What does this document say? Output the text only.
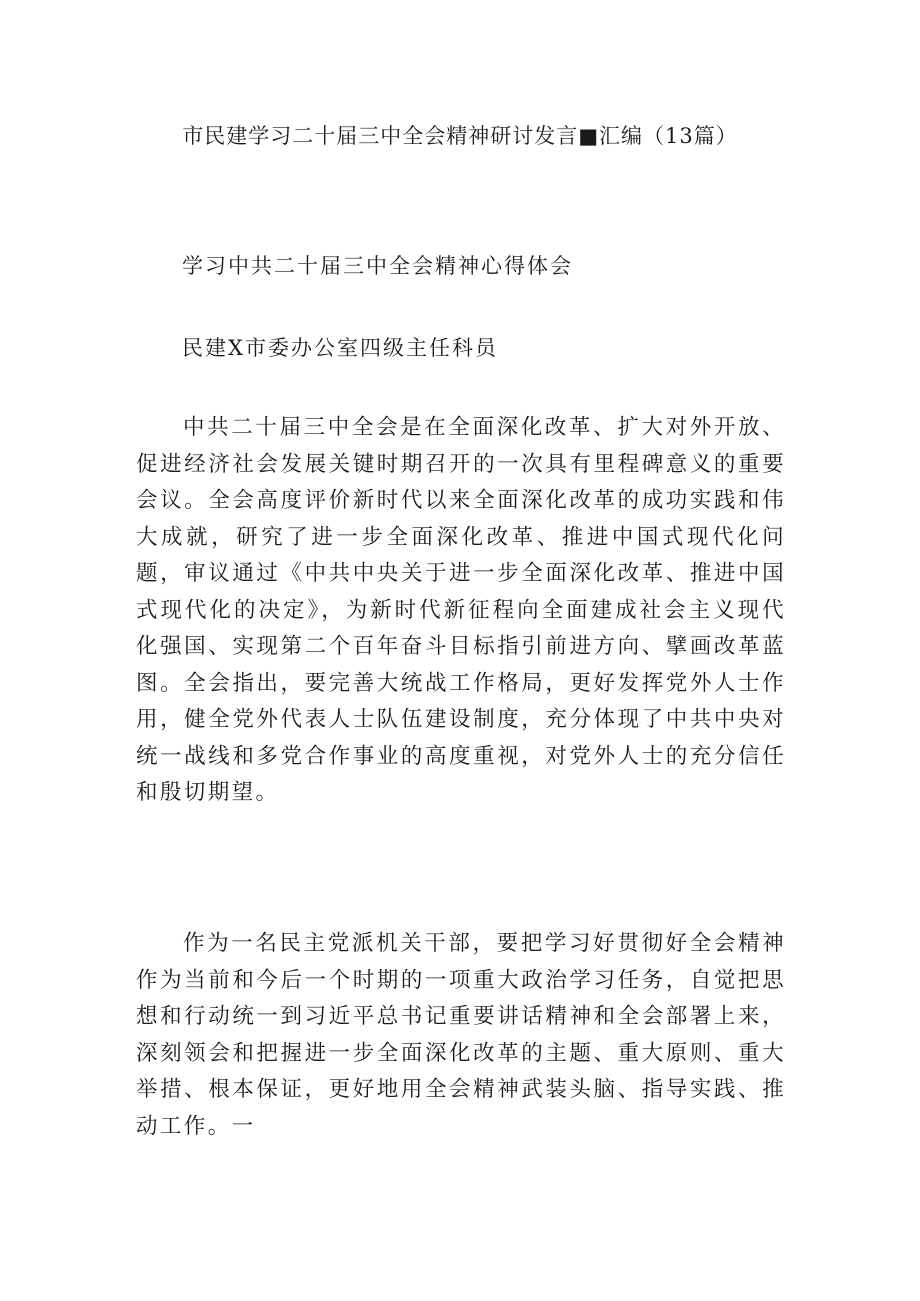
市民建学习二十届三中全会精神研讨发言■汇编（13篇）

学习中共二十届三中全会精神心得体会

民建X市委办公室四级主任科员

中共二十届三中全会是在全面深化改革、扩大对外开放、促进经济社会发展关键时期召开的一次具有里程碑意义的重要会议。全会高度评价新时代以来全面深化改革的成功实践和伟大成就，研究了进一步全面深化改革、推进中国式现代化问题，审议通过《中共中央关于进一步全面深化改革、推进中国式现代化的决定》，为新时代新征程向全面建成社会主义现代化强国、实现第二个百年奋斗目标指引前进方向、擘画改革蓝图。全会指出，要完善大统战工作格局，更好发挥党外人士作用，健全党外代表人士队伍建设制度，充分体现了中共中央对统一战线和多党合作事业的高度重视，对党外人士的充分信任和殷切期望。

作为一名民主党派机关干部，要把学习好贯彻好全会精神作为当前和今后一个时期的一项重大政治学习任务，自觉把思想和行动统一到习近平总书记重要讲话精神和全会部署上来，深刻领会和把握进一步全面深化改革的主题、重大原则、重大举措、根本保证，更好地用全会精神武装头脑、指导实践、推动工作。一
